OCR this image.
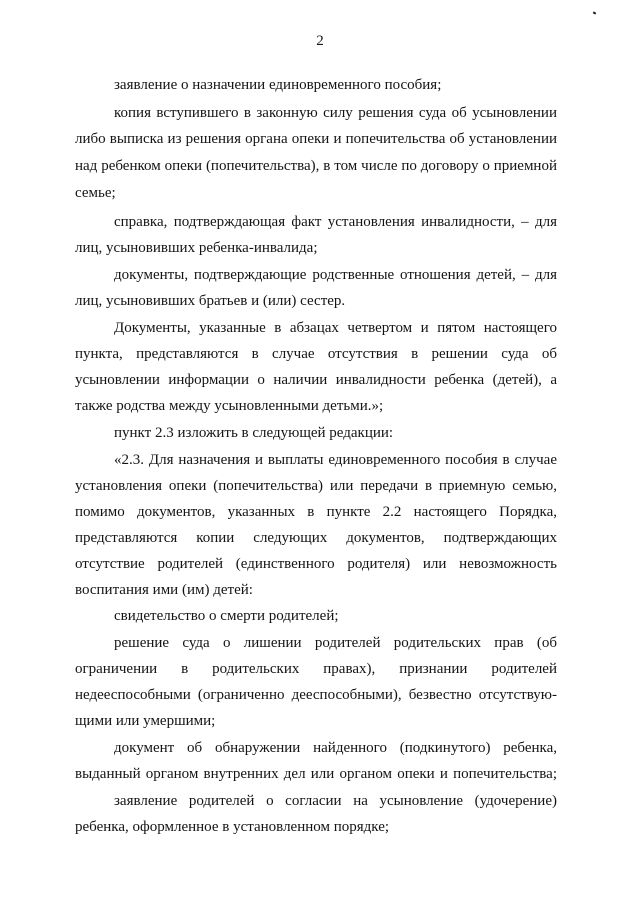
2
заявление о назначении единовременного пособия;
копия вступившего в законную силу решения суда об усыновлении
либо выписка из решения органа опеки и попечительства об установлении
над ребенком опеки (попечительства), в том числе по договору о приемной
семье;
справка, подтверждающая факт установления инвалидности, – для
лиц, усыновивших ребенка-инвалида;
документы, подтверждающие родственные отношения детей, – для
лиц, усыновивших братьев и (или) сестер.
Документы, указанные в абзацах четвертом и пятом настоящего
пункта, представляются в случае отсутствия в решении суда об
усыновлении информации о наличии инвалидности ребенка (детей), а
также родства между усыновленными детьми.»;
пункт 2.3 изложить в следующей редакции:
«2.3. Для назначения и выплаты единовременного пособия в случае
установления опеки (попечительства) или передачи в приемную семью,
помимо документов, указанных в пункте 2.2 настоящего Порядка,
представляются копии следующих документов, подтверждающих
отсутствие родителей (единственного родителя) или невозможность
воспитания ими (им) детей:
свидетельство о смерти родителей;
решение суда о лишении родителей родительских прав (об
ограничении в родительских правах), признании родителей
недееспособными (ограниченно дееспособными), безвестно отсутствую-
щими или умершими;
документ об обнаружении найденного (подкинутого) ребенка,
выданный органом внутренних дел или органом опеки и попечительства;
заявление родителей о согласии на усыновление (удочерение)
ребенка, оформленное в установленном порядке;
